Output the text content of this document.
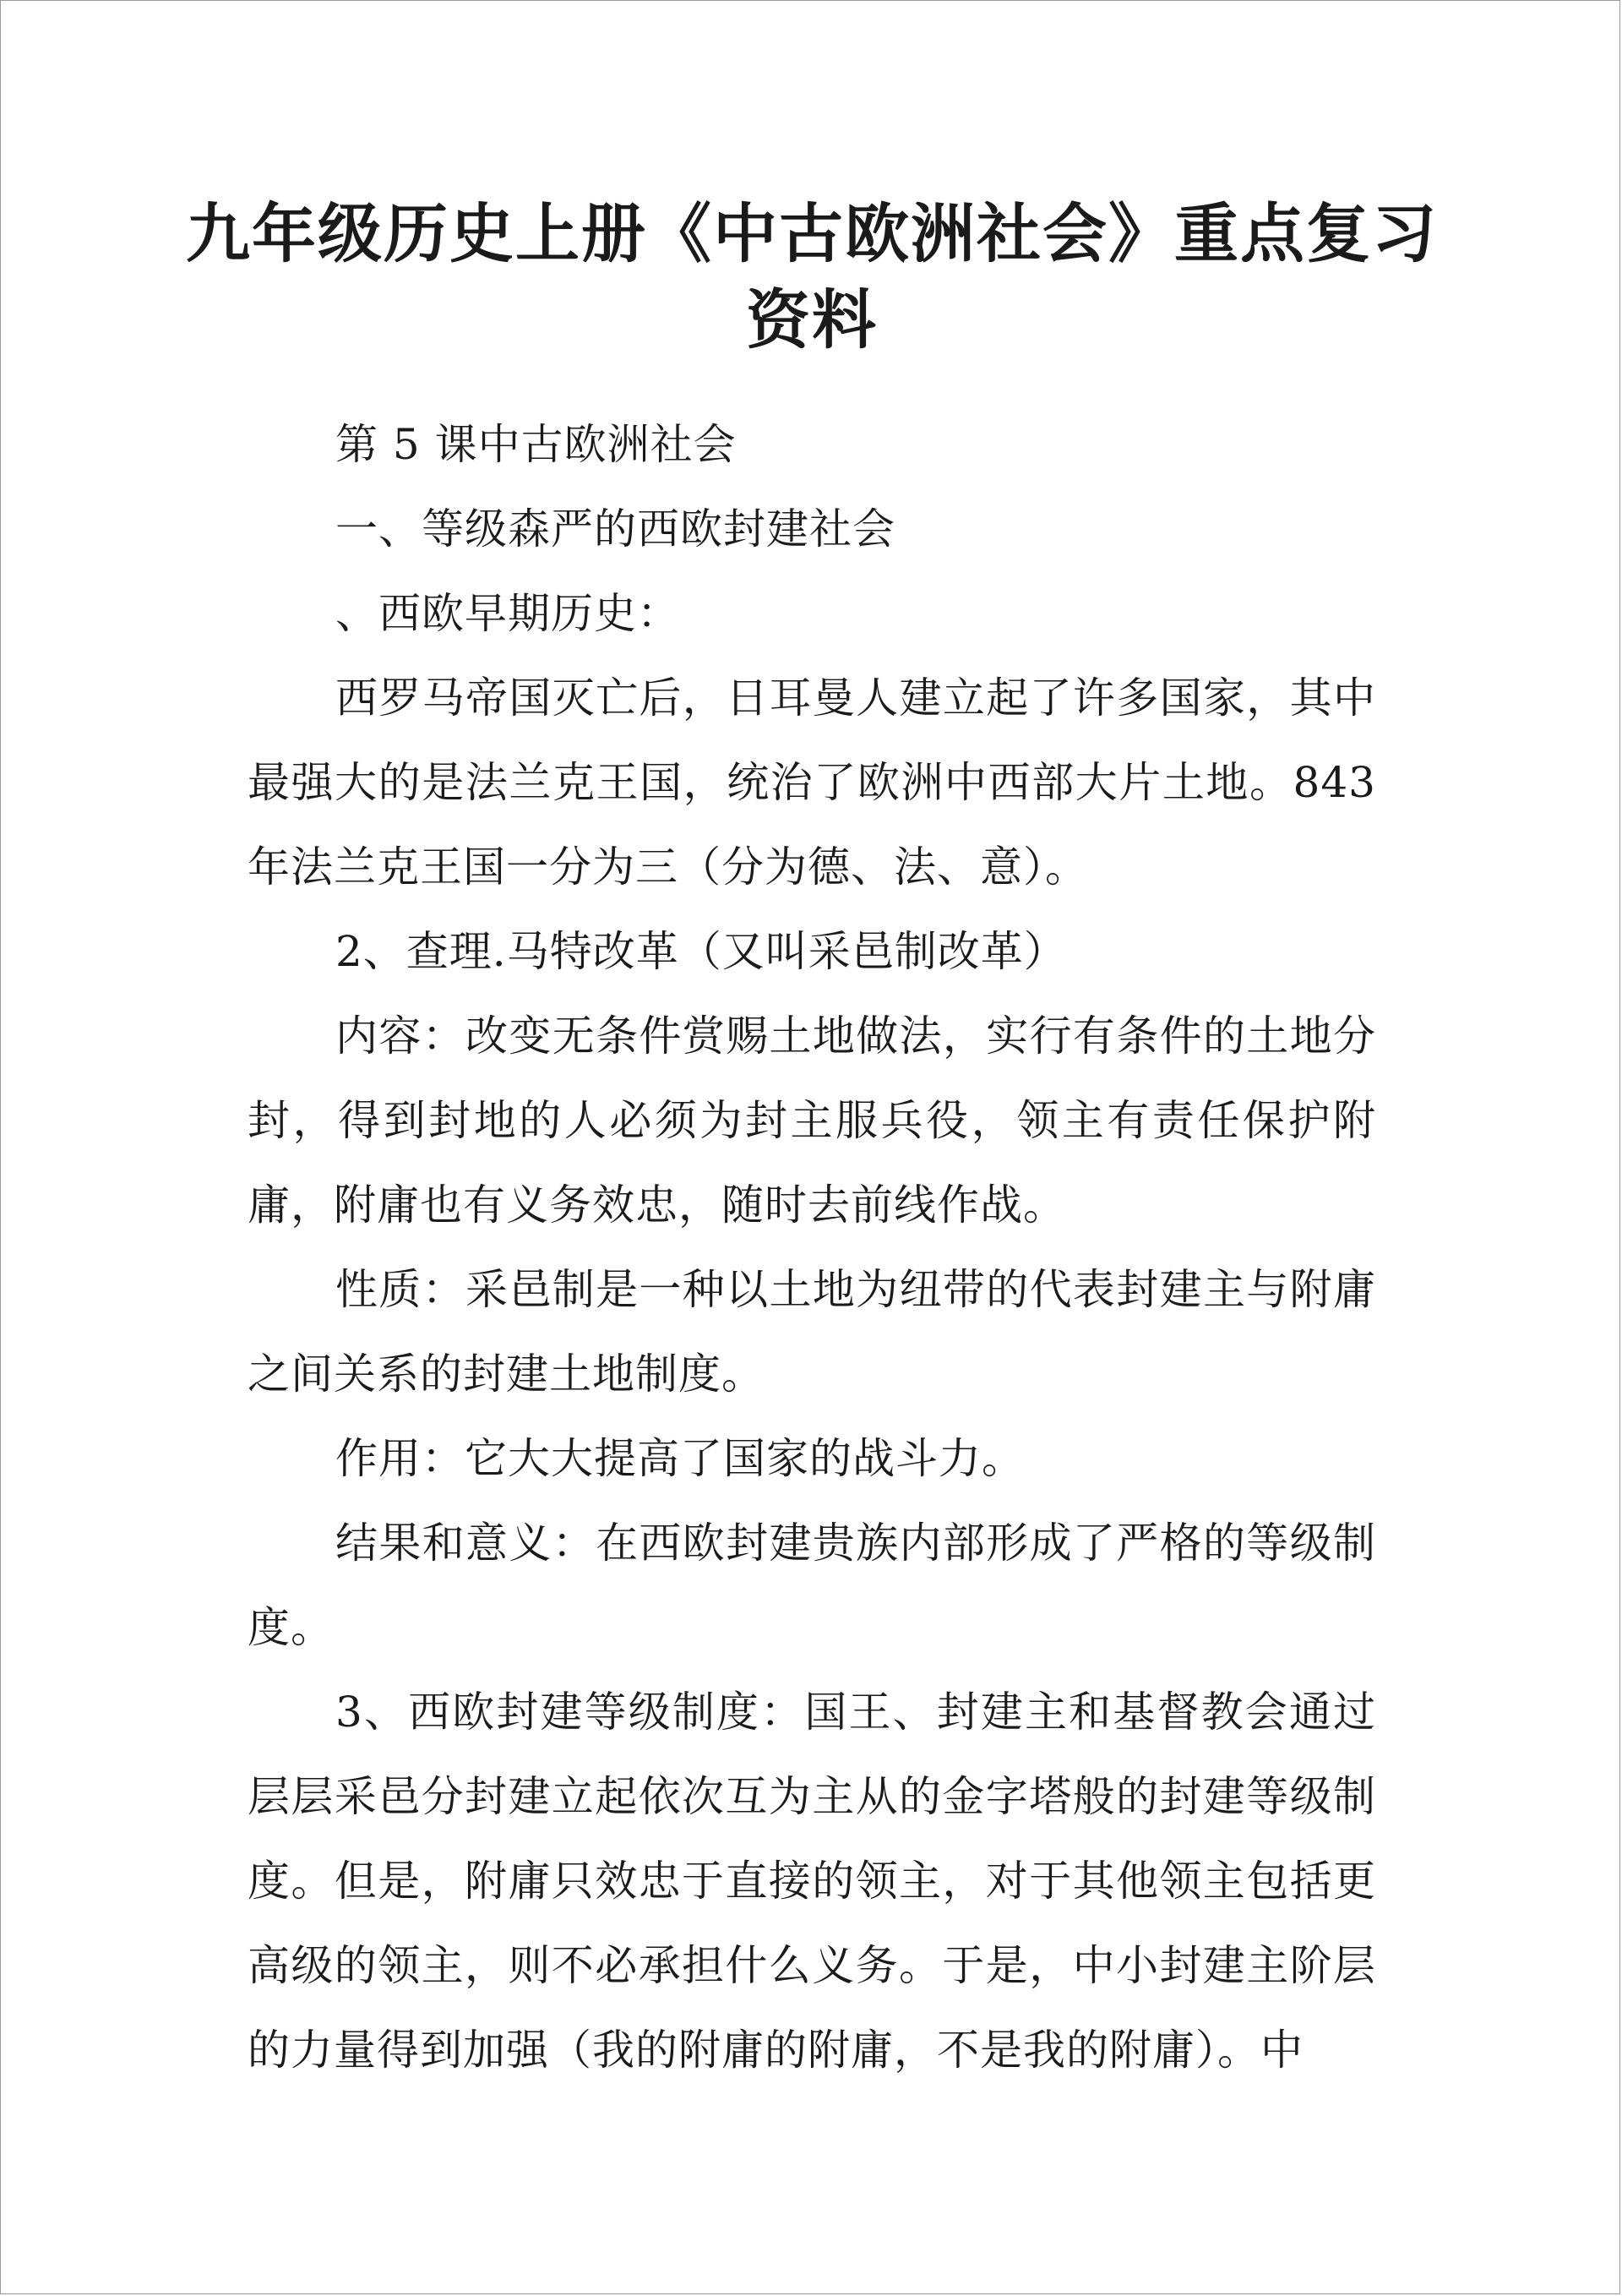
九年级历史上册《中古欧洲社会》重点复习资料

第 5 课中古欧洲社会

一、等级森严的西欧封建社会

、西欧早期历史：

西罗马帝国灭亡后，日耳曼人建立起了许多国家，其中最强大的是法兰克王国，统治了欧洲中西部大片土地。843 年法兰克王国一分为三（分为德、法、意）。

2、查理.马特改革（又叫采邑制改革）

内容：改变无条件赏赐土地做法，实行有条件的土地分封，得到封地的人必须为封主服兵役，领主有责任保护附庸，附庸也有义务效忠，随时去前线作战。

性质：采邑制是一种以土地为纽带的代表封建主与附庸之间关系的封建土地制度。

作用：它大大提高了国家的战斗力。

结果和意义：在西欧封建贵族内部形成了严格的等级制度。

3、西欧封建等级制度：国王、封建主和基督教会通过层层采邑分封建立起依次互为主从的金字塔般的封建等级制度。但是，附庸只效忠于直接的领主，对于其他领主包括更高级的领主，则不必承担什么义务。于是，中小封建主阶层的力量得到加强（我的附庸的附庸，不是我的附庸）。中
